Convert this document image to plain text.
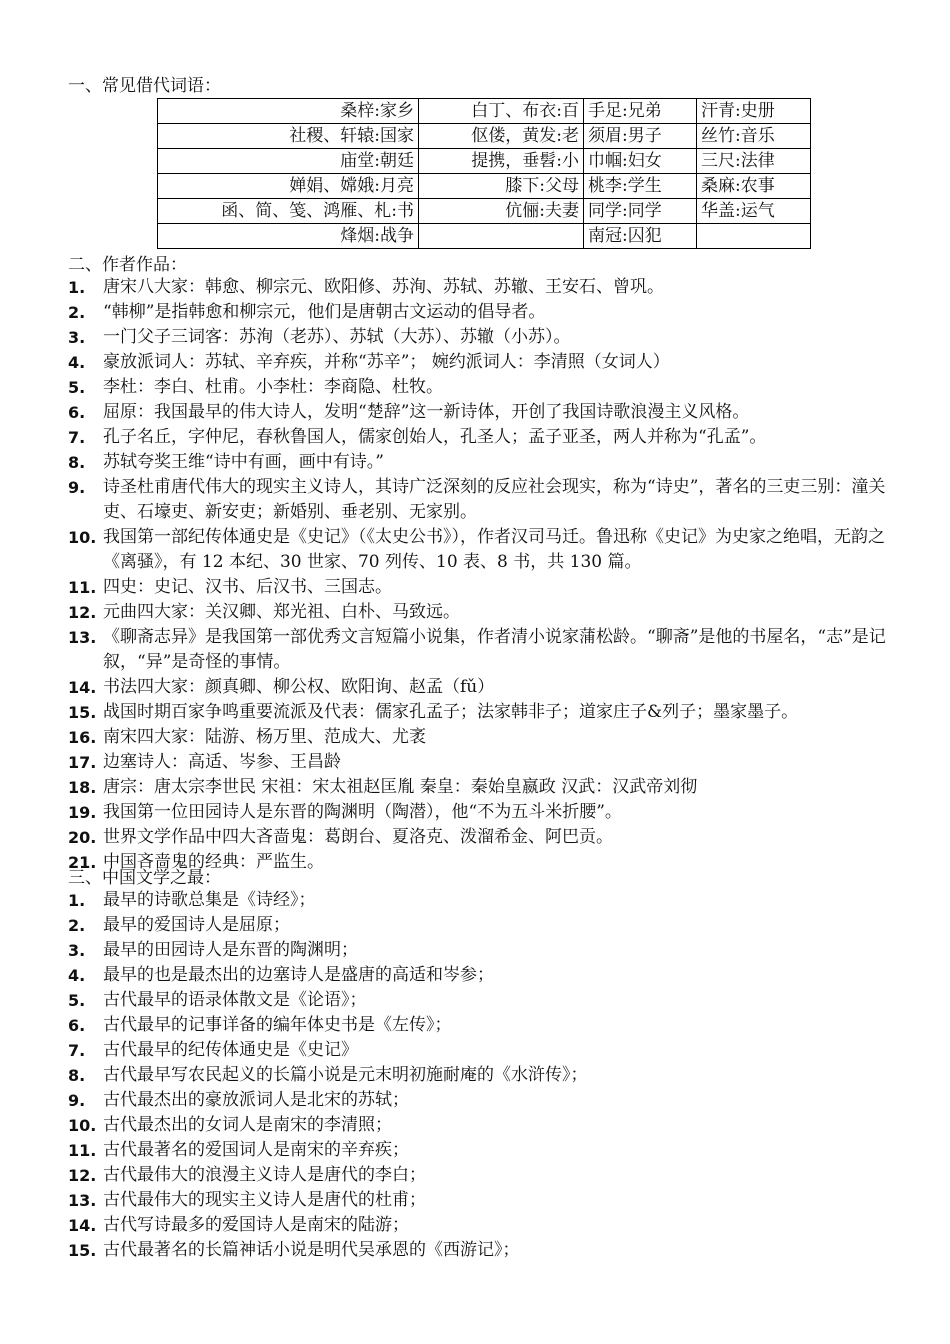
一、常见借代词语：
桑梓:家乡	白丁、布衣:百	手足:兄弟	汗青:史册
社稷、轩辕:国家	伛偻，黄发:老	须眉:男子	丝竹:音乐
庙堂:朝廷	提携，垂髫:小	巾帼:妇女	三尺:法律
婵娟、嫦娥:月亮	膝下:父母	桃李:学生	桑麻:农事
函、简、笺、鸿雁、札:书	伉俪:夫妻	同学:同学	华盖:运气
烽烟:战争		南冠:囚犯	
二、作者作品：
1. 唐宋八大家：韩愈、柳宗元、欧阳修、苏洵、苏轼、苏辙、王安石、曾巩。
2. “韩柳”是指韩愈和柳宗元，他们是唐朝古文运动的倡导者。
3. 一门父子三词客：苏洵（老苏）、苏轼（大苏）、苏辙（小苏）。
4. 豪放派词人：苏轼、辛弃疾，并称“苏辛”； 婉约派词人：李清照（女词人）
5. 李杜：李白、杜甫。小李杜：李商隐、杜牧。
6. 屈原：我国最早的伟大诗人，发明“楚辞”这一新诗体，开创了我国诗歌浪漫主义风格。
7. 孔子名丘，字仲尼，春秋鲁国人，儒家创始人，孔圣人；孟子亚圣，两人并称为“孔孟”。
8. 苏轼夸奖王维“诗中有画，画中有诗。”
9. 诗圣杜甫唐代伟大的现实主义诗人，其诗广泛深刻的反应社会现实，称为“诗史”，著名的三吏三别：潼关吏、石壕吏、新安吏；新婚别、垂老别、无家别。
10. 我国第一部纪传体通史是《史记》（《太史公书》），作者汉司马迁。鲁迅称《史记》为史家之绝唱，无韵之《离骚》，有 12 本纪、30 世家、70 列传、10 表、8 书，共 130 篇。
11. 四史：史记、汉书、后汉书、三国志。
12. 元曲四大家：关汉卿、郑光祖、白朴、马致远。
13. 《聊斋志异》是我国第一部优秀文言短篇小说集，作者清小说家蒲松龄。“聊斋”是他的书屋名，“志”是记叙，“异”是奇怪的事情。
14. 书法四大家：颜真卿、柳公权、欧阳询、赵孟（fǔ）
15. 战国时期百家争鸣重要流派及代表：儒家孔孟子；法家韩非子；道家庄子&列子；墨家墨子。
16. 南宋四大家：陆游、杨万里、范成大、尤袤
17. 边塞诗人：高适、岑参、王昌龄
18. 唐宗：唐太宗李世民 宋祖：宋太祖赵匡胤 秦皇：秦始皇嬴政 汉武：汉武帝刘彻
19. 我国第一位田园诗人是东晋的陶渊明（陶潜），他“不为五斗米折腰”。
20. 世界文学作品中四大吝啬鬼：葛朗台、夏洛克、泼溜希金、阿巴贡。
21. 中国吝啬鬼的经典：严监生。
三、中国文学之最：
1. 最早的诗歌总集是《诗经》；
2. 最早的爱国诗人是屈原；
3. 最早的田园诗人是东晋的陶渊明；
4. 最早的也是最杰出的边塞诗人是盛唐的高适和岑参；
5. 古代最早的语录体散文是《论语》；
6. 古代最早的记事详备的编年体史书是《左传》；
7. 古代最早的纪传体通史是《史记》
8. 古代最早写农民起义的长篇小说是元末明初施耐庵的《水浒传》；
9. 古代最杰出的豪放派词人是北宋的苏轼；
10. 古代最杰出的女词人是南宋的李清照；
11. 古代最著名的爱国词人是南宋的辛弃疾；
12. 古代最伟大的浪漫主义诗人是唐代的李白；
13. 古代最伟大的现实主义诗人是唐代的杜甫；
14. 古代写诗最多的爱国诗人是南宋的陆游；
15. 古代最著名的长篇神话小说是明代吴承恩的《西游记》；
